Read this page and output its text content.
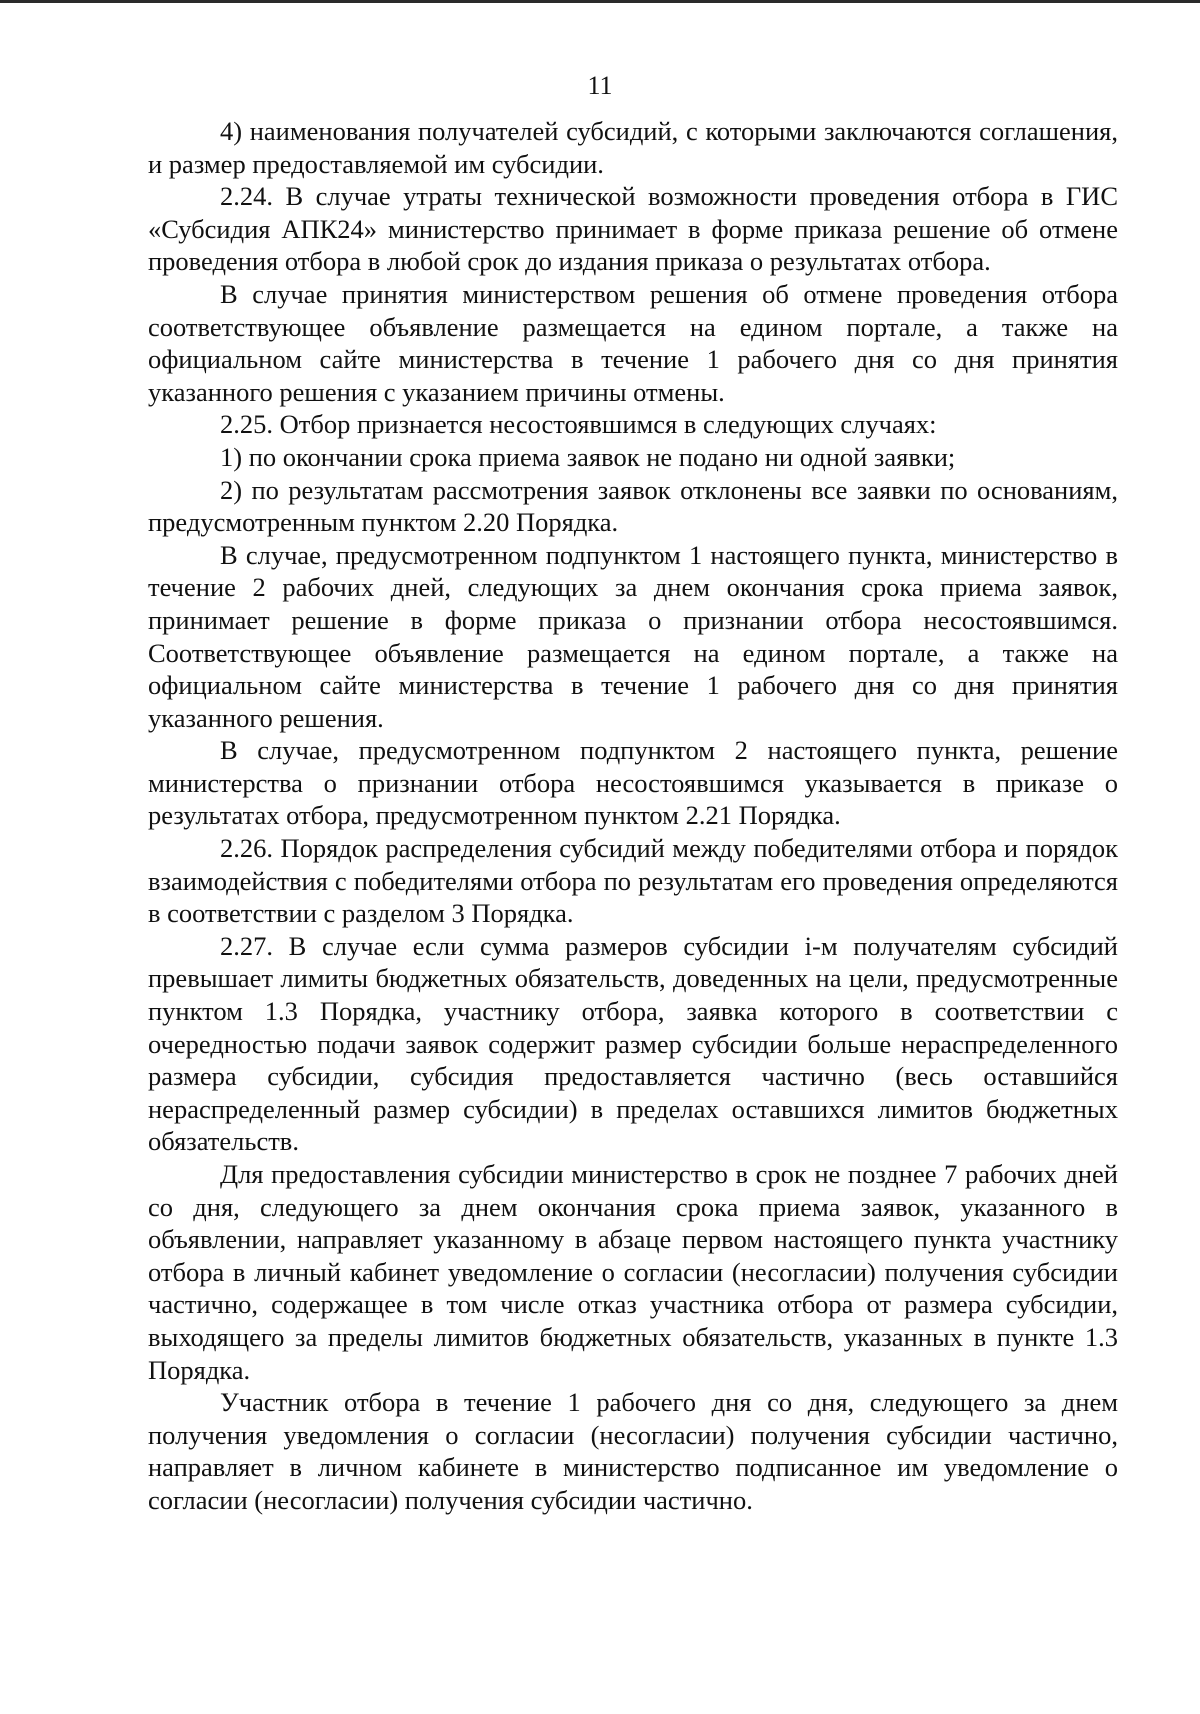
11

4) наименования получателей субсидий, с которыми заключаются соглашения, и размер предоставляемой им субсидии.

2.24. В случае утраты технической возможности проведения отбора в ГИС «Субсидия АПК24» министерство принимает в форме приказа решение об отмене проведения отбора в любой срок до издания приказа о результатах отбора.

В случае принятия министерством решения об отмене проведения отбора соответствующее объявление размещается на едином портале, а также на официальном сайте министерства в течение 1 рабочего дня со дня принятия указанного решения с указанием причины отмены.

2.25. Отбор признается несостоявшимся в следующих случаях:

1) по окончании срока приема заявок не подано ни одной заявки;

2) по результатам рассмотрения заявок отклонены все заявки по основаниям, предусмотренным пунктом 2.20 Порядка.

В случае, предусмотренном подпунктом 1 настоящего пункта, министерство в течение 2 рабочих дней, следующих за днем окончания срока приема заявок, принимает решение в форме приказа о признании отбора несостоявшимся. Соответствующее объявление размещается на едином портале, а также на официальном сайте министерства в течение 1 рабочего дня со дня принятия указанного решения.

В случае, предусмотренном подпунктом 2 настоящего пункта, решение министерства о признании отбора несостоявшимся указывается в приказе о результатах отбора, предусмотренном пунктом 2.21 Порядка.

2.26. Порядок распределения субсидий между победителями отбора и порядок взаимодействия с победителями отбора по результатам его проведения определяются в соответствии с разделом 3 Порядка.

2.27. В случае если сумма размеров субсидии i-м получателям субсидий превышает лимиты бюджетных обязательств, доведенных на цели, предусмотренные пунктом 1.3 Порядка, участнику отбора, заявка которого в соответствии с очередностью подачи заявок содержит размер субсидии больше нераспределенного размера субсидии, субсидия предоставляется частично (весь оставшийся нераспределенный размер субсидии) в пределах оставшихся лимитов бюджетных обязательств.

Для предоставления субсидии министерство в срок не позднее 7 рабочих дней со дня, следующего за днем окончания срока приема заявок, указанного в объявлении, направляет указанному в абзаце первом настоящего пункта участнику отбора в личный кабинет уведомление о согласии (несогласии) получения субсидии частично, содержащее в том числе отказ участника отбора от размера субсидии, выходящего за пределы лимитов бюджетных обязательств, указанных в пункте 1.3 Порядка.

Участник отбора в течение 1 рабочего дня со дня, следующего за днем получения уведомления о согласии (несогласии) получения субсидии частично, направляет в личном кабинете в министерство подписанное им уведомление о согласии (несогласии) получения субсидии частично.
